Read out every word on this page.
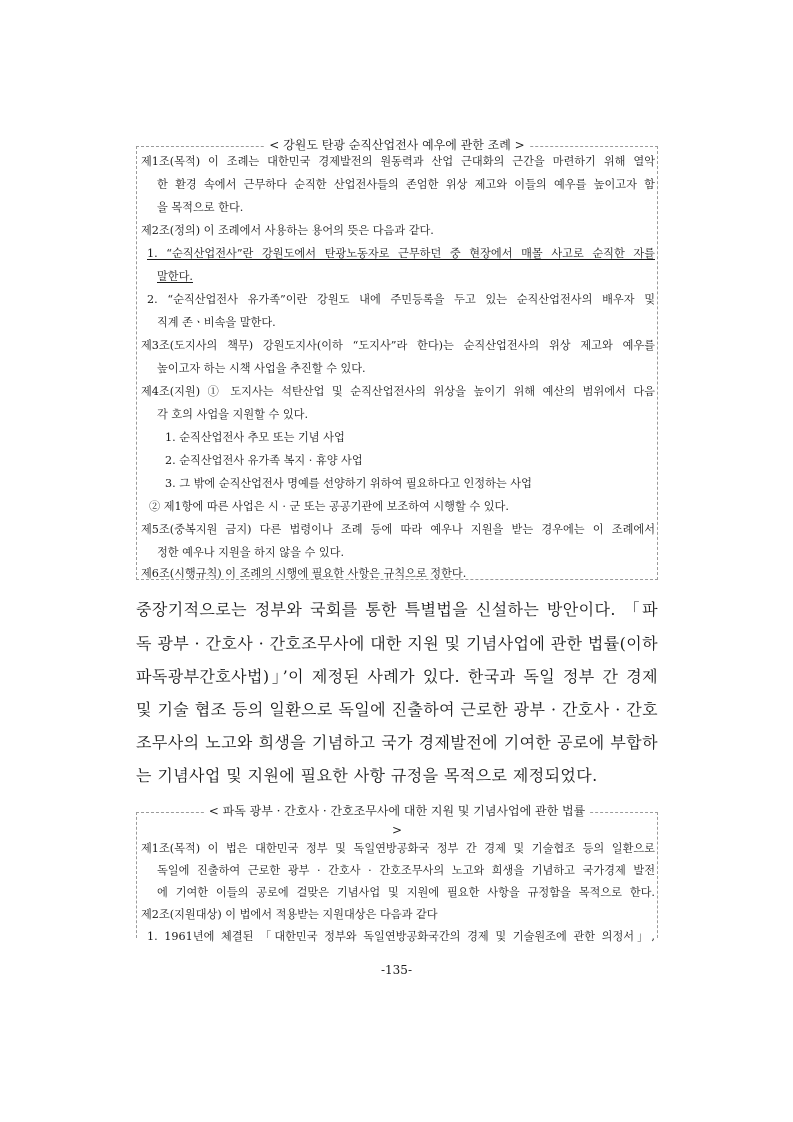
< 강원도 탄광 순직산업전사 예우에 관한 조례 >
제1조(목적) 이 조례는 대한민국 경제발전의 원동력과 산업 근대화의 근간을 마련하기 위해 열악
한 환경 속에서 근무하다 순직한 산업전사들의 존엄한 위상 제고와 이들의 예우를 높이고자 함
을 목적으로 한다.
제2조(정의) 이 조례에서 사용하는 용어의 뜻은 다음과 같다.
1. “순직산업전사”란 강원도에서 탄광노동자로 근무하던 중 현장에서 매몰 사고로 순직한 자를
말한다.
2. “순직산업전사 유가족”이란 강원도 내에 주민등록을 두고 있는 순직산업전사의 배우자 및
직계 존ㆍ비속을 말한다.
제3조(도지사의 책무) 강원도지사(이하 “도지사”라 한다)는 순직산업전사의 위상 제고와 예우를
높이고자 하는 시책 사업을 추진할 수 있다.
제4조(지원) ① 도지사는 석탄산업 및 순직산업전사의 위상을 높이기 위해 예산의 범위에서 다음
각 호의 사업을 지원할 수 있다.
1. 순직산업전사 추모 또는 기념 사업
2. 순직산업전사 유가족 복지 · 휴양 사업
3. 그 밖에 순직산업전사 명예를 선양하기 위하여 필요하다고 인정하는 사업
② 제1항에 따른 사업은 시 · 군 또는 공공기관에 보조하여 시행할 수 있다.
제5조(중복지원 금지) 다른 법령이나 조례 등에 따라 예우나 지원을 받는 경우에는 이 조례에서
정한 예우나 지원을 하지 않을 수 있다.
제6조(시행규칙) 이 조례의 시행에 필요한 사항은 규칙으로 정한다.
중장기적으로는 정부와 국회를 통한 특별법을 신설하는 방안이다. 「파
독 광부 · 간호사 · 간호조무사에 대한 지원 및 기념사업에 관한 법률(이하
파독광부간호사법)」’이 제정된 사례가 있다. 한국과 독일 정부 간 경제
및 기술 협조 등의 일환으로 독일에 진출하여 근로한 광부 · 간호사 · 간호
조무사의 노고와 희생을 기념하고 국가 경제발전에 기여한 공로에 부합하
는 기념사업 및 지원에 필요한 사항 규정을 목적으로 제정되었다.
< 파독 광부 · 간호사 · 간호조무사에 대한 지원 및 기념사업에 관한 법률
>
제1조(목적) 이 법은 대한민국 정부 및 독일연방공화국 정부 간 경제 및 기술협조 등의 일환으로
독일에 진출하여 근로한 광부 · 간호사 · 간호조무사의 노고와 희생을 기념하고 국가경제 발전
에 기여한 이들의 공로에 걸맞은 기념사업 및 지원에 필요한 사항을 규정함을 목적으로 한다.
제2조(지원대상) 이 법에서 적용받는 지원대상은 다음과 같다
1. 1961년에 체결된 「대한민국 정부와 독일연방공화국간의 경제 및 기술원조에 관한 의정서」,
-135-
